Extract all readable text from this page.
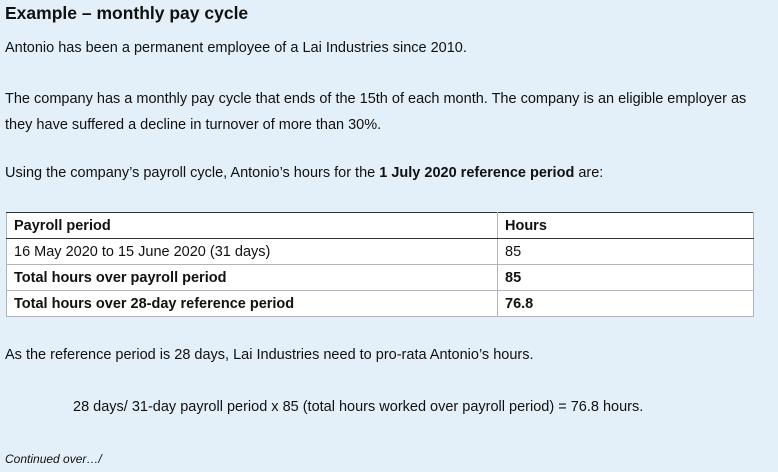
Example – monthly pay cycle

Antonio has been a permanent employee of a Lai Industries since 2010.

The company has a monthly pay cycle that ends of the 15th of each month. The company is an eligible employer as they have suffered a decline in turnover of more than 30%.

Using the company’s payroll cycle, Antonio’s hours for the 1 July 2020 reference period are:

Payroll period	Hours
16 May 2020 to 15 June 2020 (31 days)	85
Total hours over payroll period	85
Total hours over 28-day reference period	76.8

As the reference period is 28 days, Lai Industries need to pro-rata Antonio’s hours.

28 days/ 31-day payroll period x 85 (total hours worked over payroll period) = 76.8 hours.

Continued over…/
